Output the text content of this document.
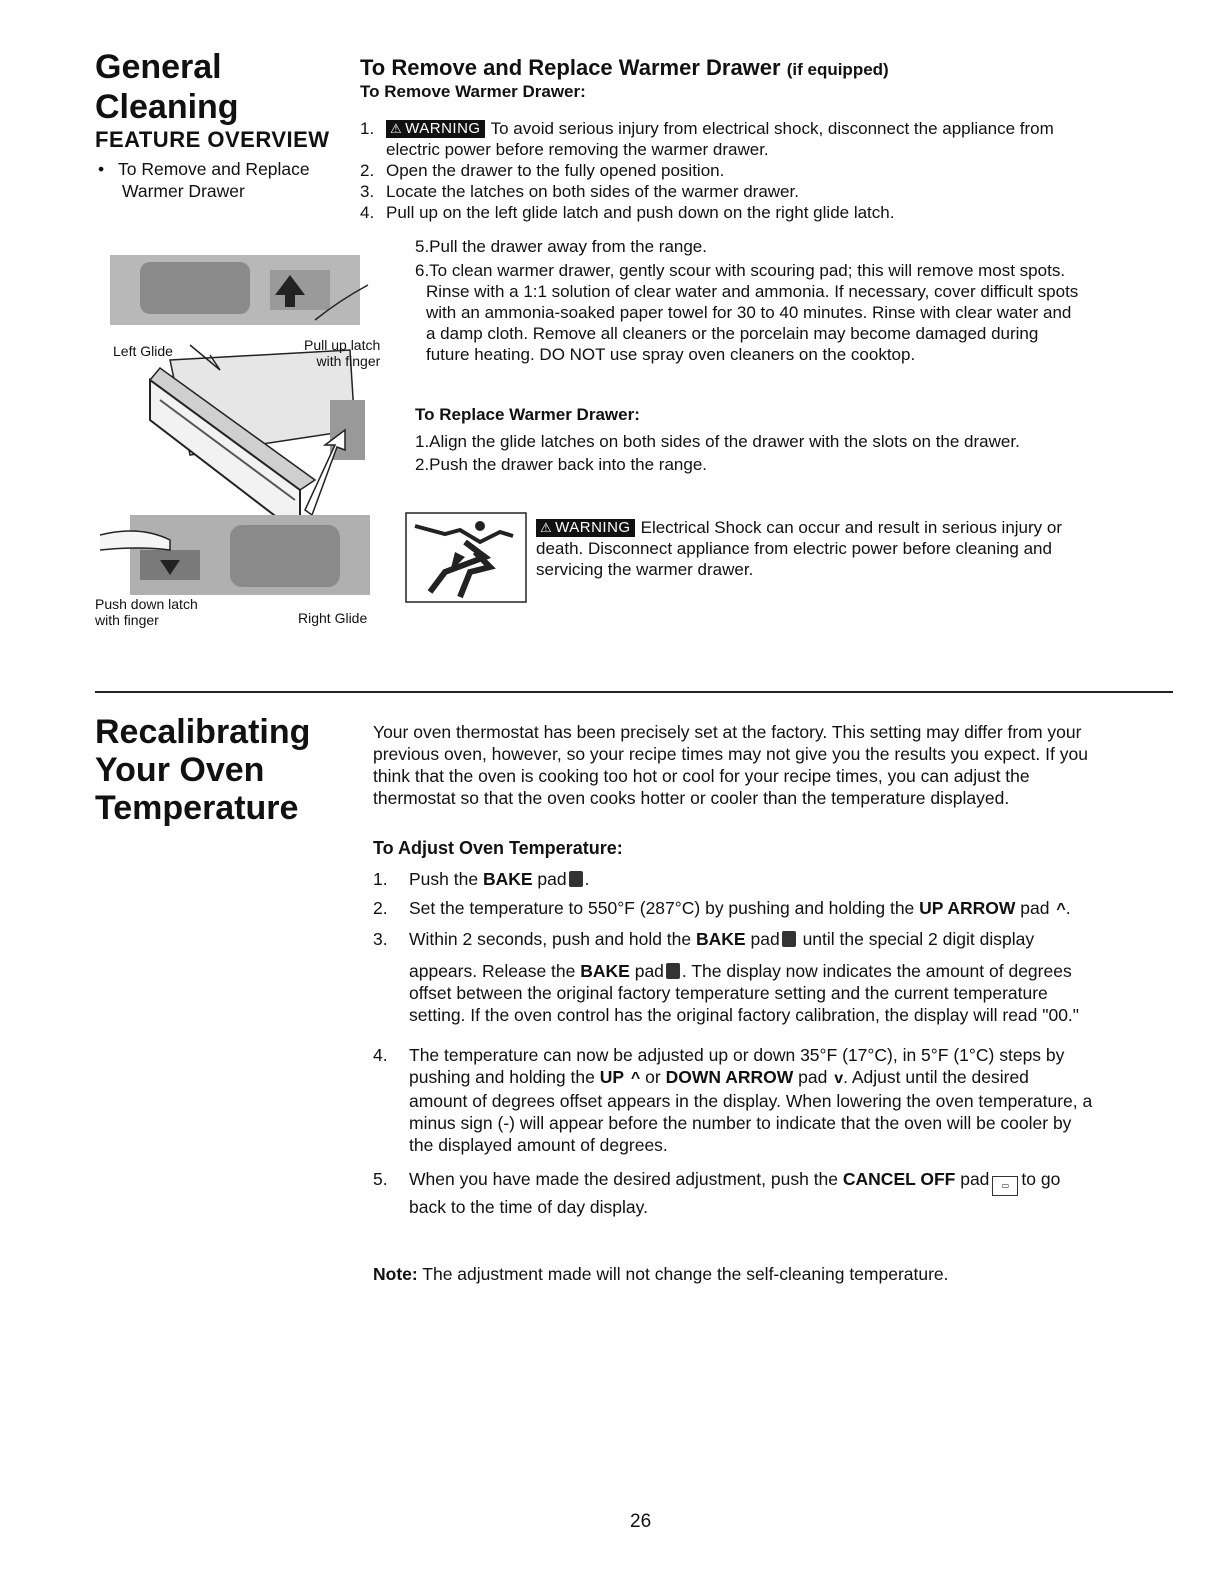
General
Cleaning
FEATURE OVERVIEW
• To Remove and Replace
Warmer Drawer
Left Glide	Pull up latch
with finger
Push down latch
with finger	Right Glide
To Remove and Replace Warmer Drawer (if equipped)
To Remove Warmer Drawer:
1.	⚠ WARNING To avoid serious injury from electrical shock, disconnect the appliance from
electric power before removing the warmer drawer.
2. Open the drawer to the fully opened position.
3. Locate the latches on both sides of the warmer drawer.
4. Pull up on the left glide latch and push down on the right glide latch.
5.Pull the drawer away from the range.
6.To clean warmer drawer, gently scour with scouring pad; this will remove most spots.
Rinse with a 1:1 solution of clear water and ammonia. If necessary, cover difficult spots
with an ammonia-soaked paper towel for 30 to 40 minutes. Rinse with clear water and
a damp cloth. Remove all cleaners or the porcelain may become damaged during
future heating. DO NOT use spray oven cleaners on the cooktop.
To Replace Warmer Drawer:
1.Align the glide latches on both sides of the drawer with the slots on the drawer.
2.Push the drawer back into the range.
⚠ WARNING Electrical Shock can occur and result in serious injury or
death. Disconnect appliance from electric power before cleaning and
servicing the warmer drawer.
Recalibrating
Your Oven
Temperature
Your oven thermostat has been precisely set at the factory. This setting may differ from your
previous oven, however, so your recipe times may not give you the results you expect. If you
think that the oven is cooking too hot or cool for your recipe times, you can adjust the
thermostat so that the oven cooks hotter or cooler than the temperature displayed.
To Adjust Oven Temperature:
1.	Push the BAKE pad .
2.	Set the temperature to 550°F (287°C) by pushing and holding the UP ARROW pad ^.
3.	Within 2 seconds, push and hold the BAKE pad until the special 2 digit display
appears. Release the BAKE pad . The display now indicates the amount of degrees
offset between the original factory temperature setting and the current temperature
setting. If the oven control has the original factory calibration, the display will read "00."
4.	The temperature can now be adjusted up or down 35°F (17°C), in 5°F (1°C) steps by
pushing and holding the UP ^ or DOWN ARROW pad v. Adjust until the desired
amount of degrees offset appears in the display. When lowering the oven temperature, a
minus sign (-) will appear before the number to indicate that the oven will be cooler by
the displayed amount of degrees.
5.	When you have made the desired adjustment, push the CANCEL OFF pad ▭ to go
back to the time of day display.
Note: The adjustment made will not change the self-cleaning temperature.
26
